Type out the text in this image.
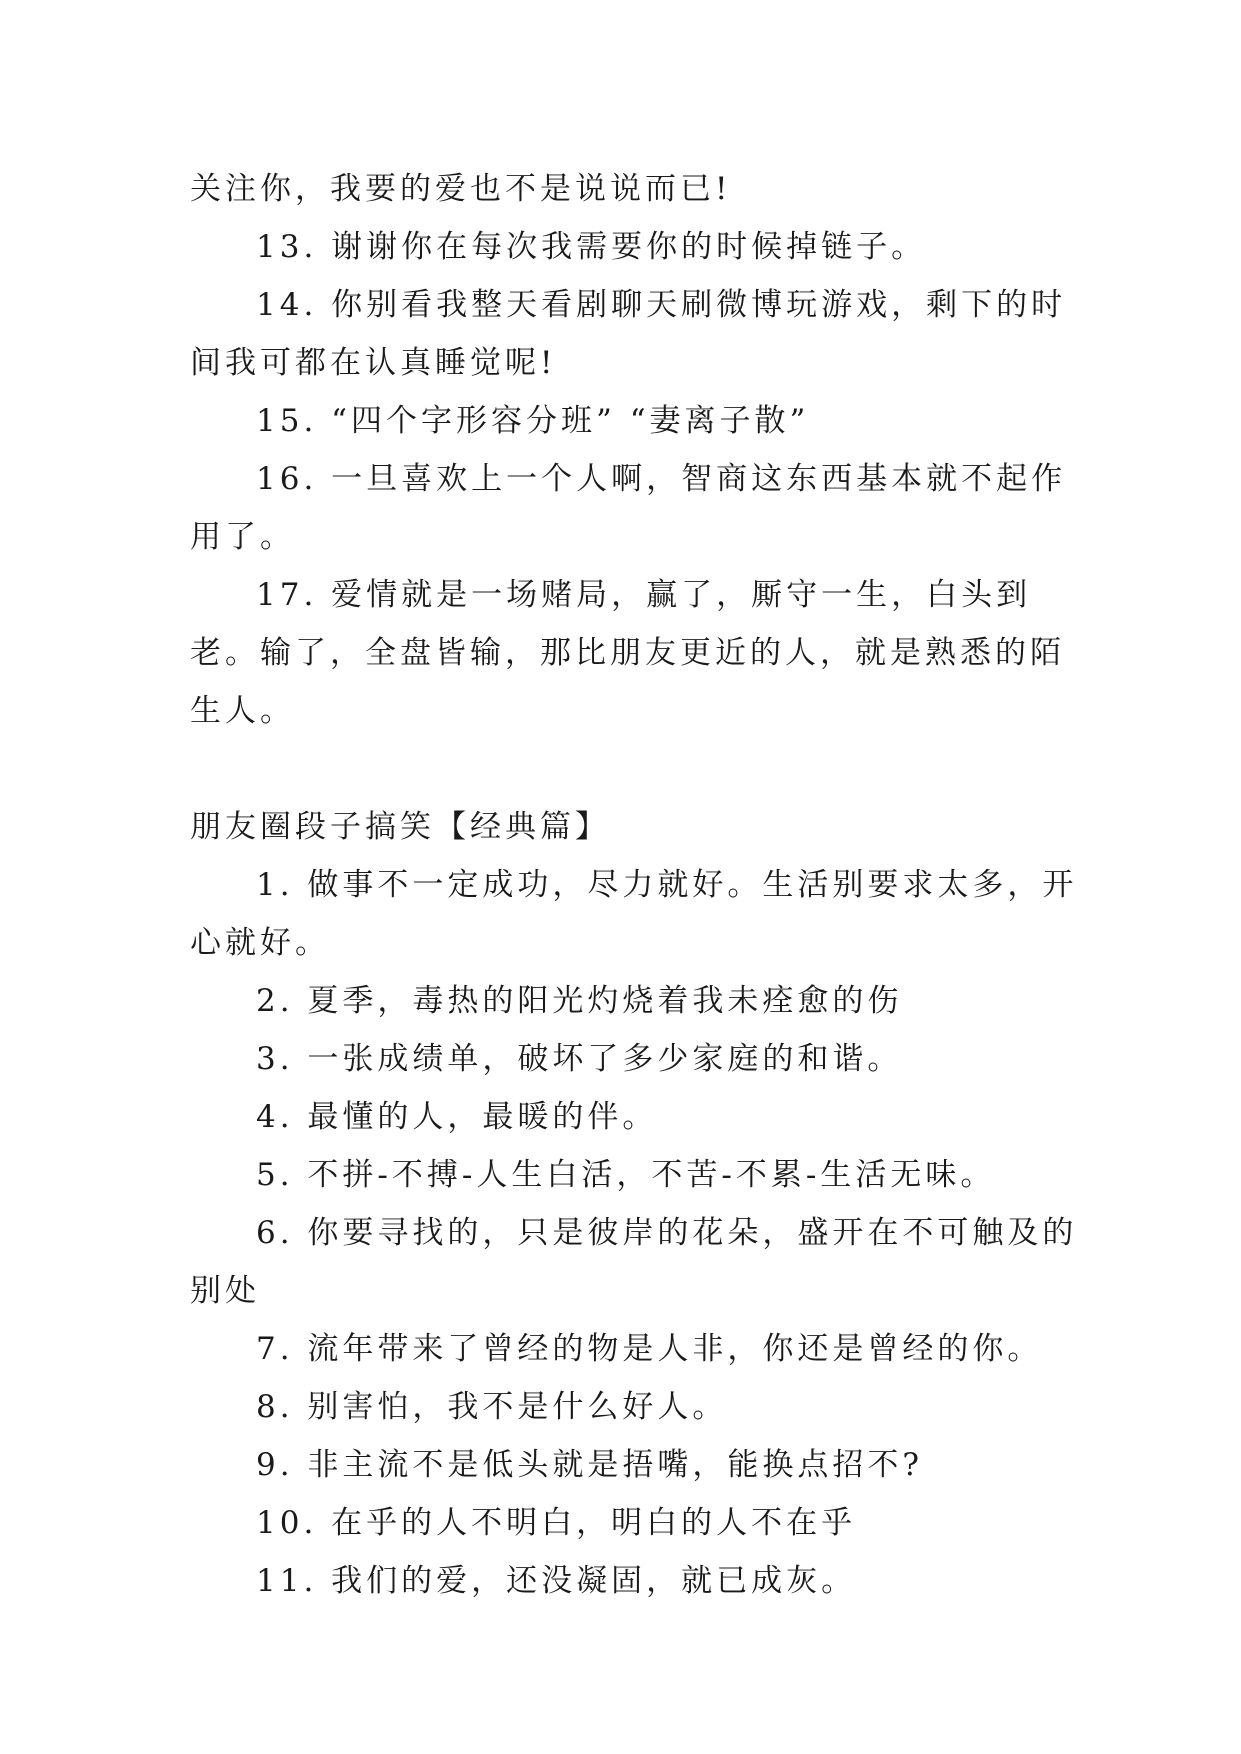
关注你，我要的爱也不是说说而已!

13. 谢谢你在每次我需要你的时候掉链子。

14. 你别看我整天看剧聊天刷微博玩游戏，剩下的时间我可都在认真睡觉呢!

15. “四个字形容分班” “妻离子散”

16. 一旦喜欢上一个人啊，智商这东西基本就不起作用了。

17. 爱情就是一场赌局，赢了，厮守一生，白头到老。输了，全盘皆输，那比朋友更近的人，就是熟悉的陌生人。

朋友圈段子搞笑【经典篇】

1. 做事不一定成功，尽力就好。生活别要求太多，开心就好。

2. 夏季，毒热的阳光灼烧着我未痊愈的伤

3. 一张成绩单，破坏了多少家庭的和谐。

4. 最懂的人，最暖的伴。

5. 不拼-不搏-人生白活，不苦-不累-生活无味。

6. 你要寻找的，只是彼岸的花朵，盛开在不可触及的别处

7. 流年带来了曾经的物是人非，你还是曾经的你。

8. 别害怕，我不是什么好人。

9. 非主流不是低头就是捂嘴，能换点招不?

10. 在乎的人不明白，明白的人不在乎

11. 我们的爱，还没凝固，就已成灰。
